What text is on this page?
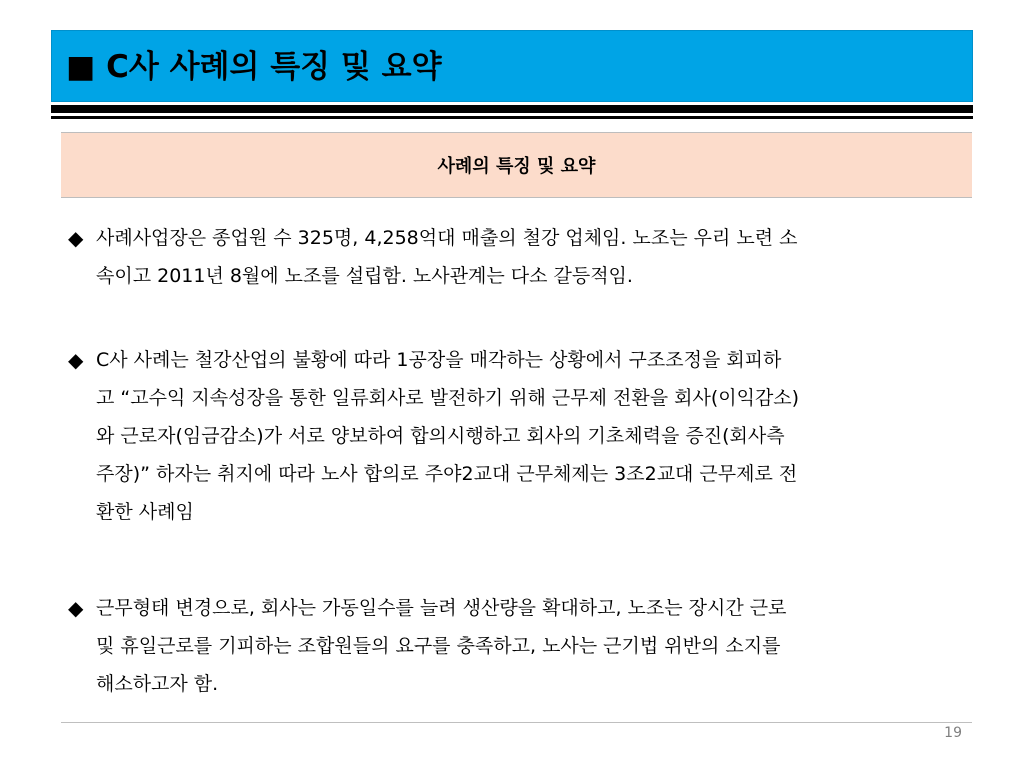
■ C사 사례의 특징 및 요약
사례의 특징 및 요약
◆ 사례사업장은 종업원 수 325명, 4,258억대 매출의 철강 업체임. 노조는 우리 노련 소
속이고 2011년 8월에 노조를 설립함. 노사관계는 다소 갈등적임.
◆ C사 사례는 철강산업의 불황에 따라 1공장을 매각하는 상황에서 구조조정을 회피하
고 “고수익 지속성장을 통한 일류회사로 발전하기 위해 근무제 전환을 회사(이익감소)
와 근로자(임금감소)가 서로 양보하여 합의시행하고 회사의 기초체력을 증진(회사측
주장)” 하자는 취지에 따라 노사 합의로 주야2교대 근무체제는 3조2교대 근무제로 전
환한 사례임
◆ 근무형태 변경으로, 회사는 가동일수를 늘려 생산량을 확대하고, 노조는 장시간 근로
및 휴일근로를 기피하는 조합원들의 요구를 충족하고, 노사는 근기법 위반의 소지를
해소하고자 함.
19
